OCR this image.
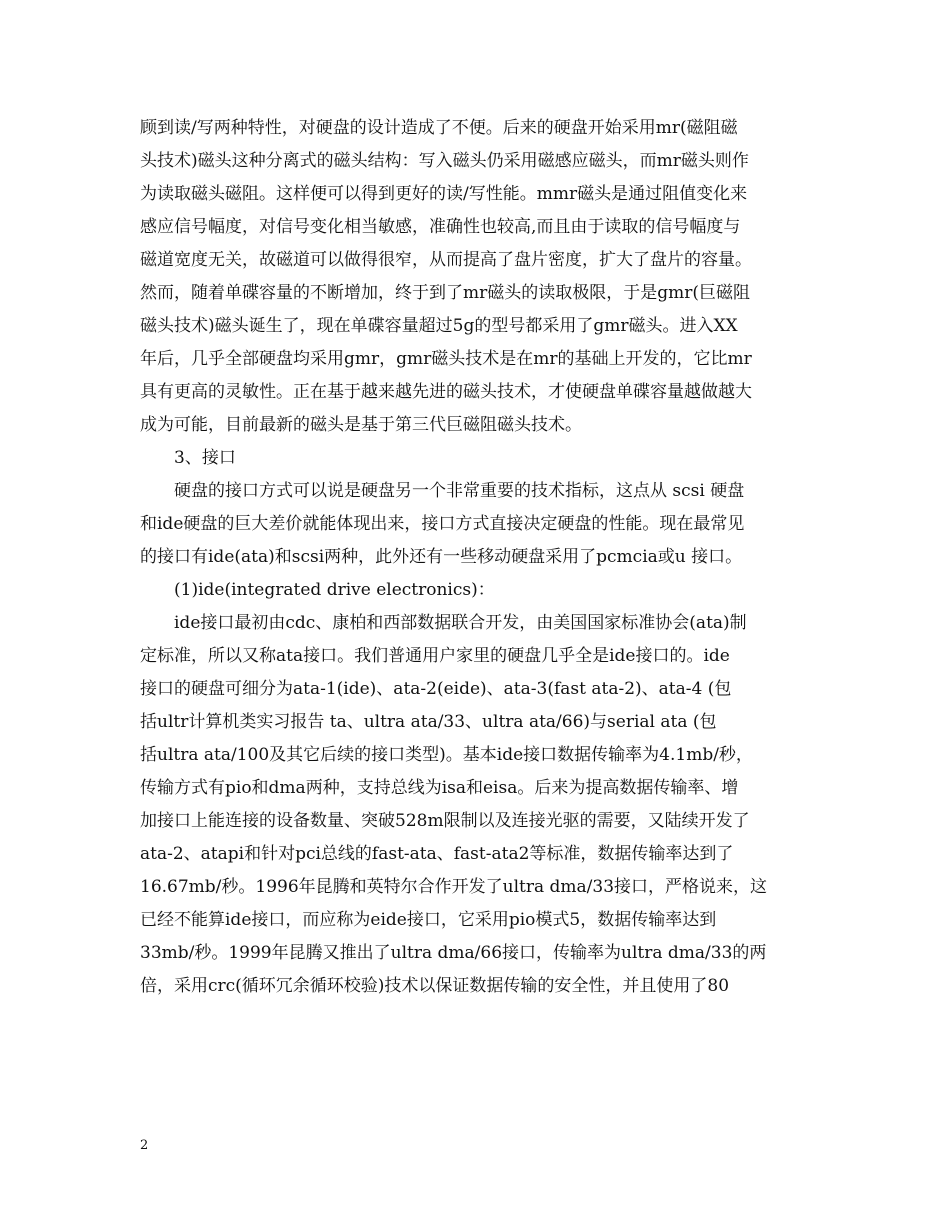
顾到读/写两种特性，对硬盘的设计造成了不便。后来的硬盘开始采用mr(磁阻磁
头技术)磁头这种分离式的磁头结构：写入磁头仍采用磁感应磁头，而mr磁头则作
为读取磁头磁阻。这样便可以得到更好的读/写性能。mmr磁头是通过阻值变化来
感应信号幅度，对信号变化相当敏感，准确性也较高,而且由于读取的信号幅度与
磁道宽度无关，故磁道可以做得很窄，从而提高了盘片密度，扩大了盘片的容量。
然而，随着单碟容量的不断增加，终于到了mr磁头的读取极限，于是gmr(巨磁阻
磁头技术)磁头诞生了，现在单碟容量超过5g的型号都采用了gmr磁头。进入XX
年后，几乎全部硬盘均采用gmr，gmr磁头技术是在mr的基础上开发的，它比mr
具有更高的灵敏性。正在基于越来越先进的磁头技术，才使硬盘单碟容量越做越大
成为可能，目前最新的磁头是基于第三代巨磁阻磁头技术。
3、接口
硬盘的接口方式可以说是硬盘另一个非常重要的技术指标，这点从 scsi 硬盘
和ide硬盘的巨大差价就能体现出来，接口方式直接决定硬盘的性能。现在最常见
的接口有ide(ata)和scsi两种，此外还有一些移动硬盘采用了pcmcia或u 接口。
(1)ide(integrated drive electronics)：
ide接口最初由cdc、康柏和西部数据联合开发，由美国国家标准协会(ata)制
定标准，所以又称ata接口。我们普通用户家里的硬盘几乎全是ide接口的。ide
接口的硬盘可细分为ata-1(ide)、ata-2(eide)、ata-3(fast ata-2)、ata-4 (包
括ultr计算机类实习报告 ta、ultra ata/33、ultra ata/66)与serial ata (包
括ultra ata/100及其它后续的接口类型)。基本ide接口数据传输率为4.1mb/秒，
传输方式有pio和dma两种，支持总线为isa和eisa。后来为提高数据传输率、增
加接口上能连接的设备数量、突破528m限制以及连接光驱的需要，又陆续开发了
ata-2、atapi和针对pci总线的fast-ata、fast-ata2等标准，数据传输率达到了
16.67mb/秒。1996年昆腾和英特尔合作开发了ultra dma/33接口，严格说来，这
已经不能算ide接口，而应称为eide接口，它采用pio模式5，数据传输率达到
33mb/秒。1999年昆腾又推出了ultra dma/66接口，传输率为ultra dma/33的两
倍，采用crc(循环冗余循环校验)技术以保证数据传输的安全性，并且使用了80
2
